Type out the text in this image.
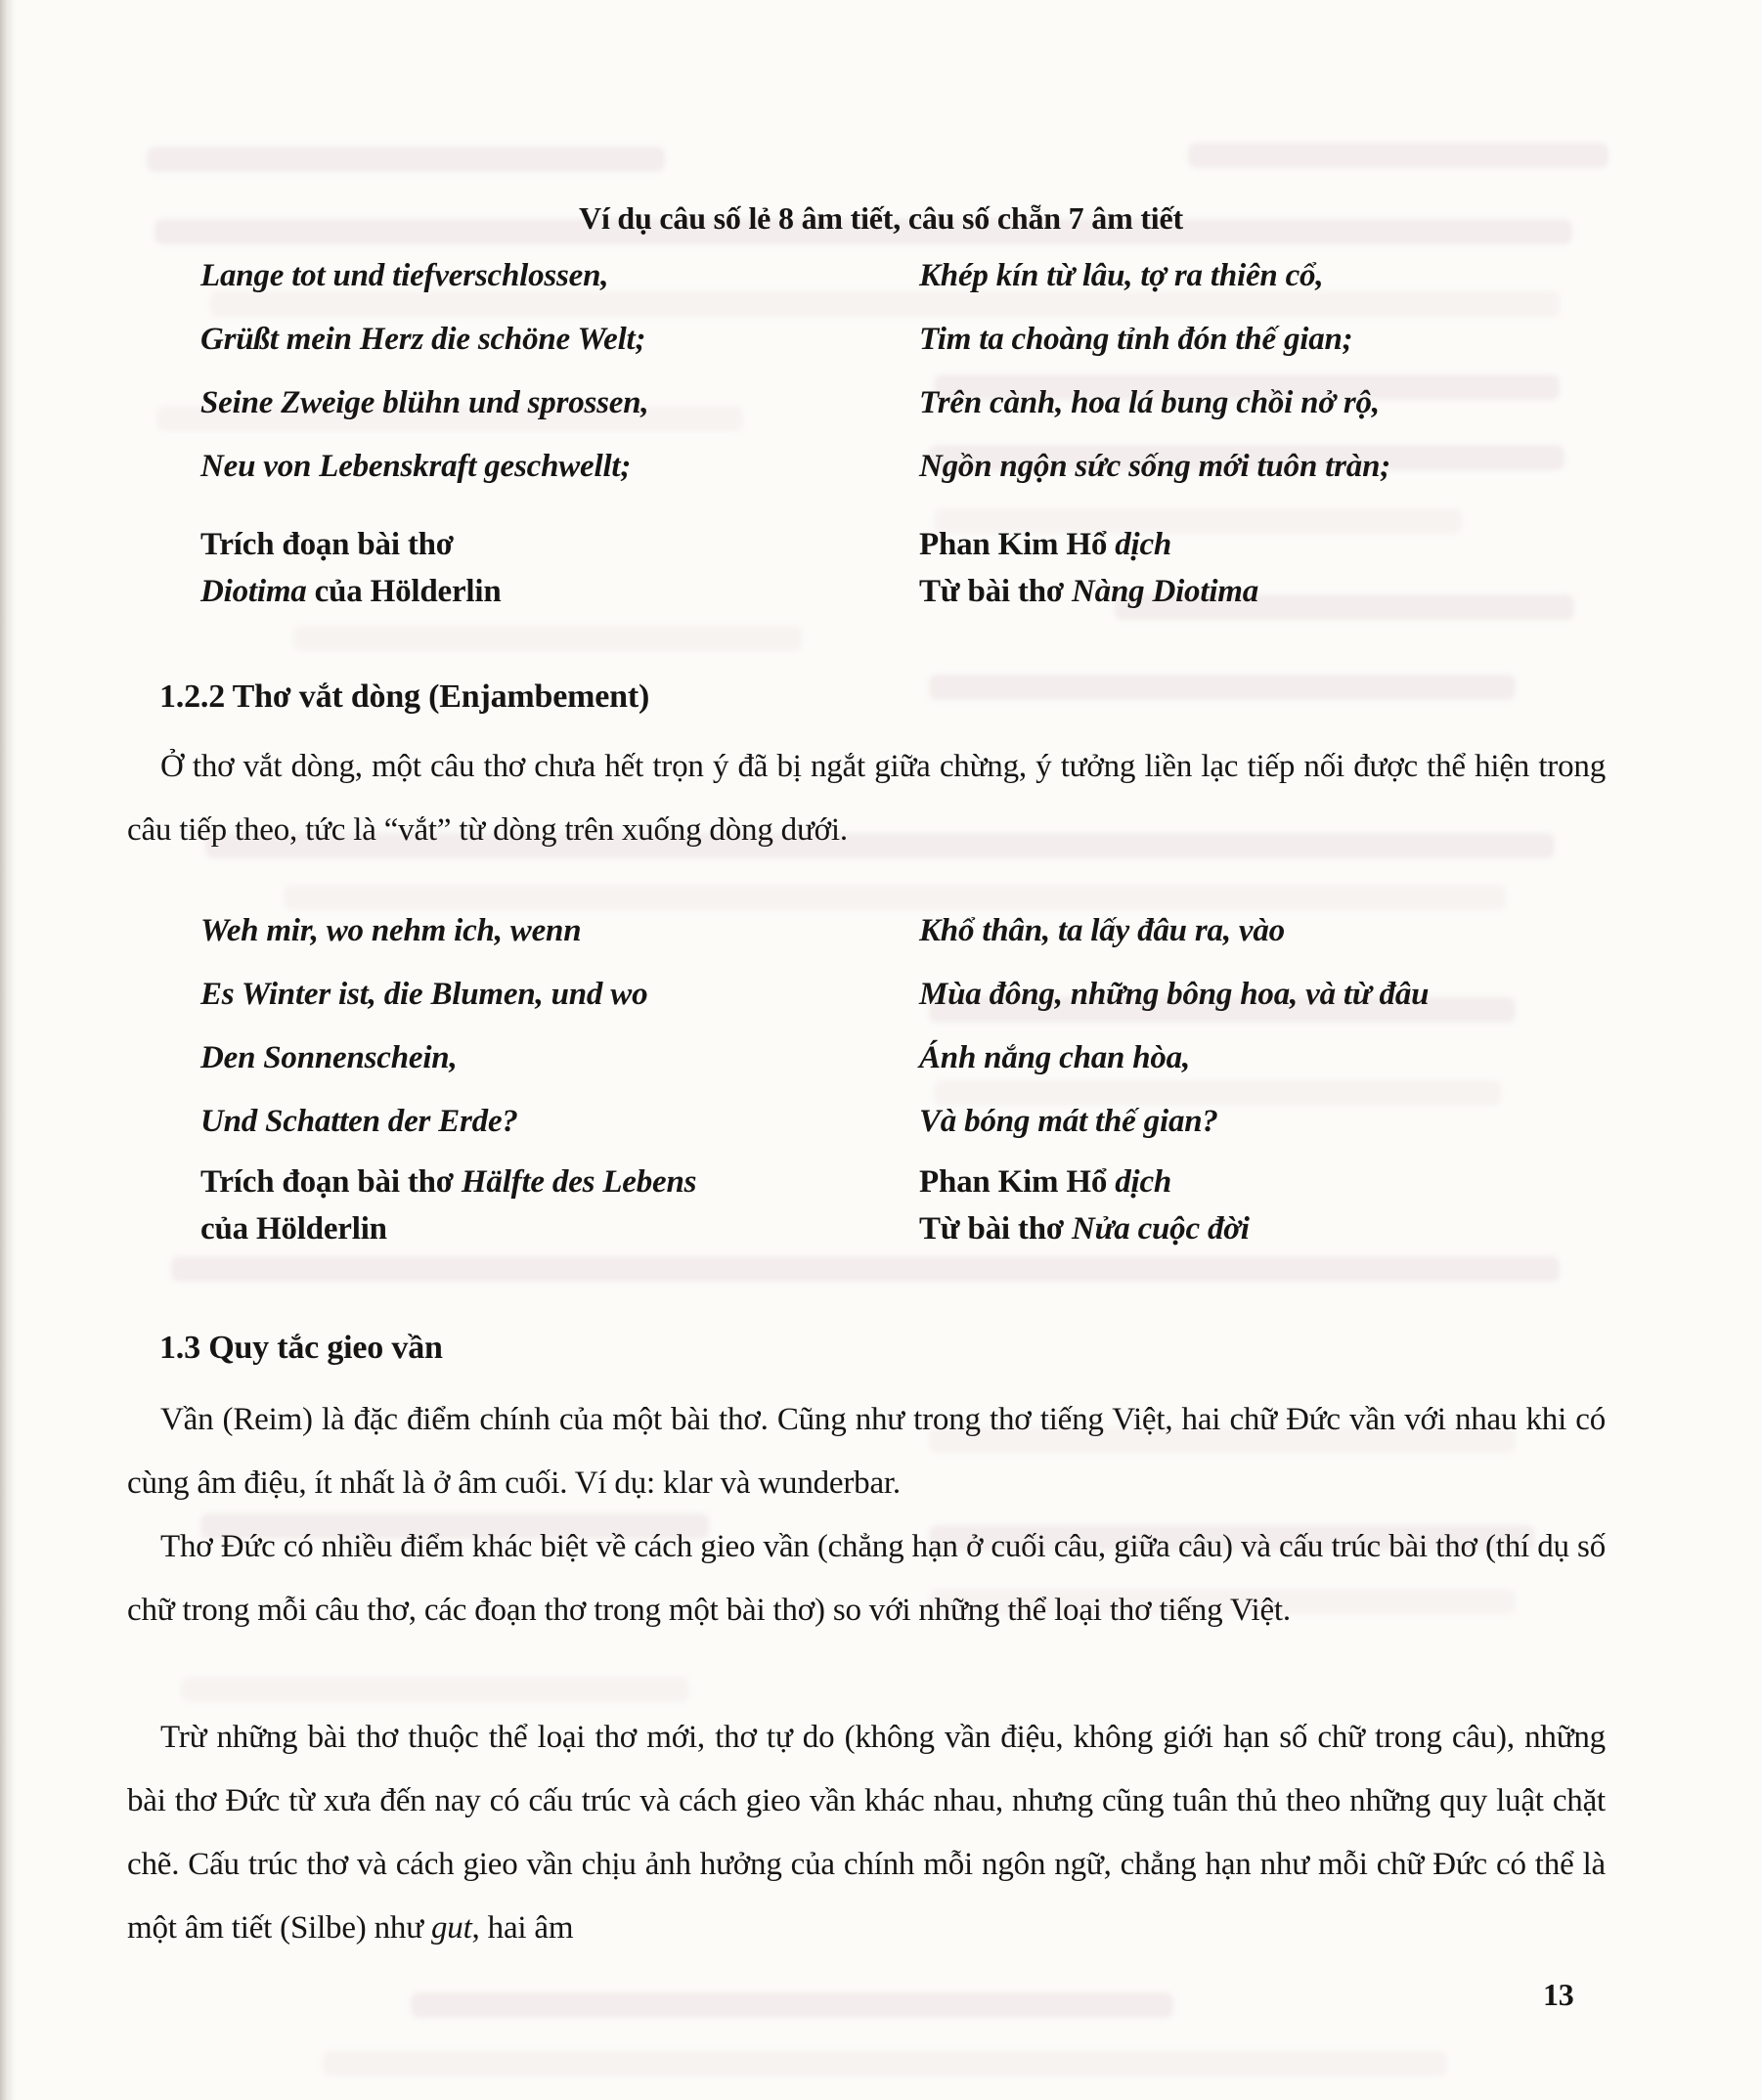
Ví dụ câu số lẻ 8 âm tiết, câu số chẵn 7 âm tiết
Lange tot und tiefverschlossen,
Grüßt mein Herz die schöne Welt;
Seine Zweige blühn und sprossen,
Neu von Lebenskraft geschwellt;
Khép kín từ lâu, tợ ra thiên cổ,
Tim ta choàng tỉnh đón thế gian;
Trên cành, hoa lá bung chồi nở rộ,
Ngồn ngộn sức sống mới tuôn tràn;
Trích đoạn bài thơ
Diotima của Hölderlin
Phan Kim Hổ dịch
Từ bài thơ Nàng Diotima
1.2.2 Thơ vắt dòng (Enjambement)
Ở thơ vắt dòng, một câu thơ chưa hết trọn ý đã bị ngắt giữa chừng, ý tưởng liền lạc tiếp nối được thể hiện trong câu tiếp theo, tức là “vắt” từ dòng trên xuống dòng dưới.
Weh mir, wo nehm ich, wenn
Es Winter ist, die Blumen, und wo
Den Sonnenschein,
Und Schatten der Erde?
Khổ thân, ta lấy đâu ra, vào
Mùa đông, những bông hoa, và từ đâu
Ánh nắng chan hòa,
Và bóng mát thế gian?
Trích đoạn bài thơ Hälfte des Lebens
của Hölderlin
Phan Kim Hổ dịch
Từ bài thơ Nửa cuộc đời
1.3 Quy tắc gieo vần
Vần (Reim) là đặc điểm chính của một bài thơ. Cũng như trong thơ tiếng Việt, hai chữ Đức vần với nhau khi có cùng âm điệu, ít nhất là ở âm cuối. Ví dụ: klar và wunderbar.
Thơ Đức có nhiều điểm khác biệt về cách gieo vần (chẳng hạn ở cuối câu, giữa câu) và cấu trúc bài thơ (thí dụ số chữ trong mỗi câu thơ, các đoạn thơ trong một bài thơ) so với những thể loại thơ tiếng Việt.
Trừ những bài thơ thuộc thể loại thơ mới, thơ tự do (không vần điệu, không giới hạn số chữ trong câu), những bài thơ Đức từ xưa đến nay có cấu trúc và cách gieo vần khác nhau, nhưng cũng tuân thủ theo những quy luật chặt chẽ. Cấu trúc thơ và cách gieo vần chịu ảnh hưởng của chính mỗi ngôn ngữ, chẳng hạn như mỗi chữ Đức có thể là một âm tiết (Silbe) như gut, hai âm
13
